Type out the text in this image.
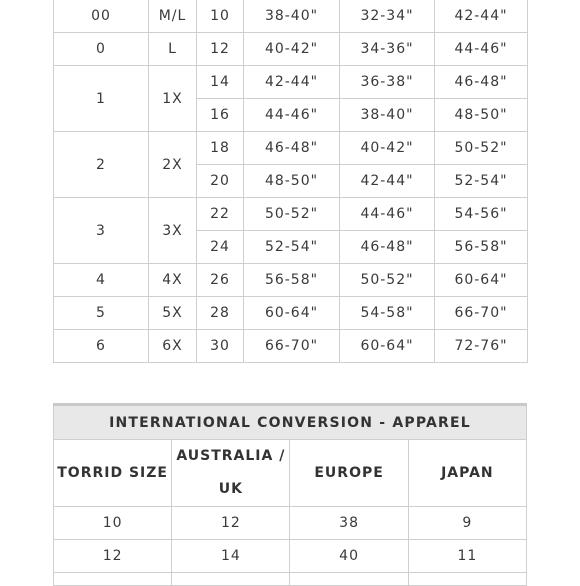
00	M/L	10	38-40"	32-34"	42-44"
0	L	12	40-42"	34-36"	44-46"
1	1X	14	42-44"	36-38"	46-48"
		16	44-46"	38-40"	48-50"
2	2X	18	46-48"	40-42"	50-52"
		20	48-50"	42-44"	52-54"
3	3X	22	50-52"	44-46"	54-56"
		24	52-54"	46-48"	56-58"
4	4X	26	56-58"	50-52"	60-64"
5	5X	28	60-64"	54-58"	66-70"
6	6X	30	66-70"	60-64"	72-76"
INTERNATIONAL CONVERSION - APPAREL			
TORRID SIZE	AUSTRALIA / UK	EUROPE	JAPAN
10	12	38	9
12	14	40	11
